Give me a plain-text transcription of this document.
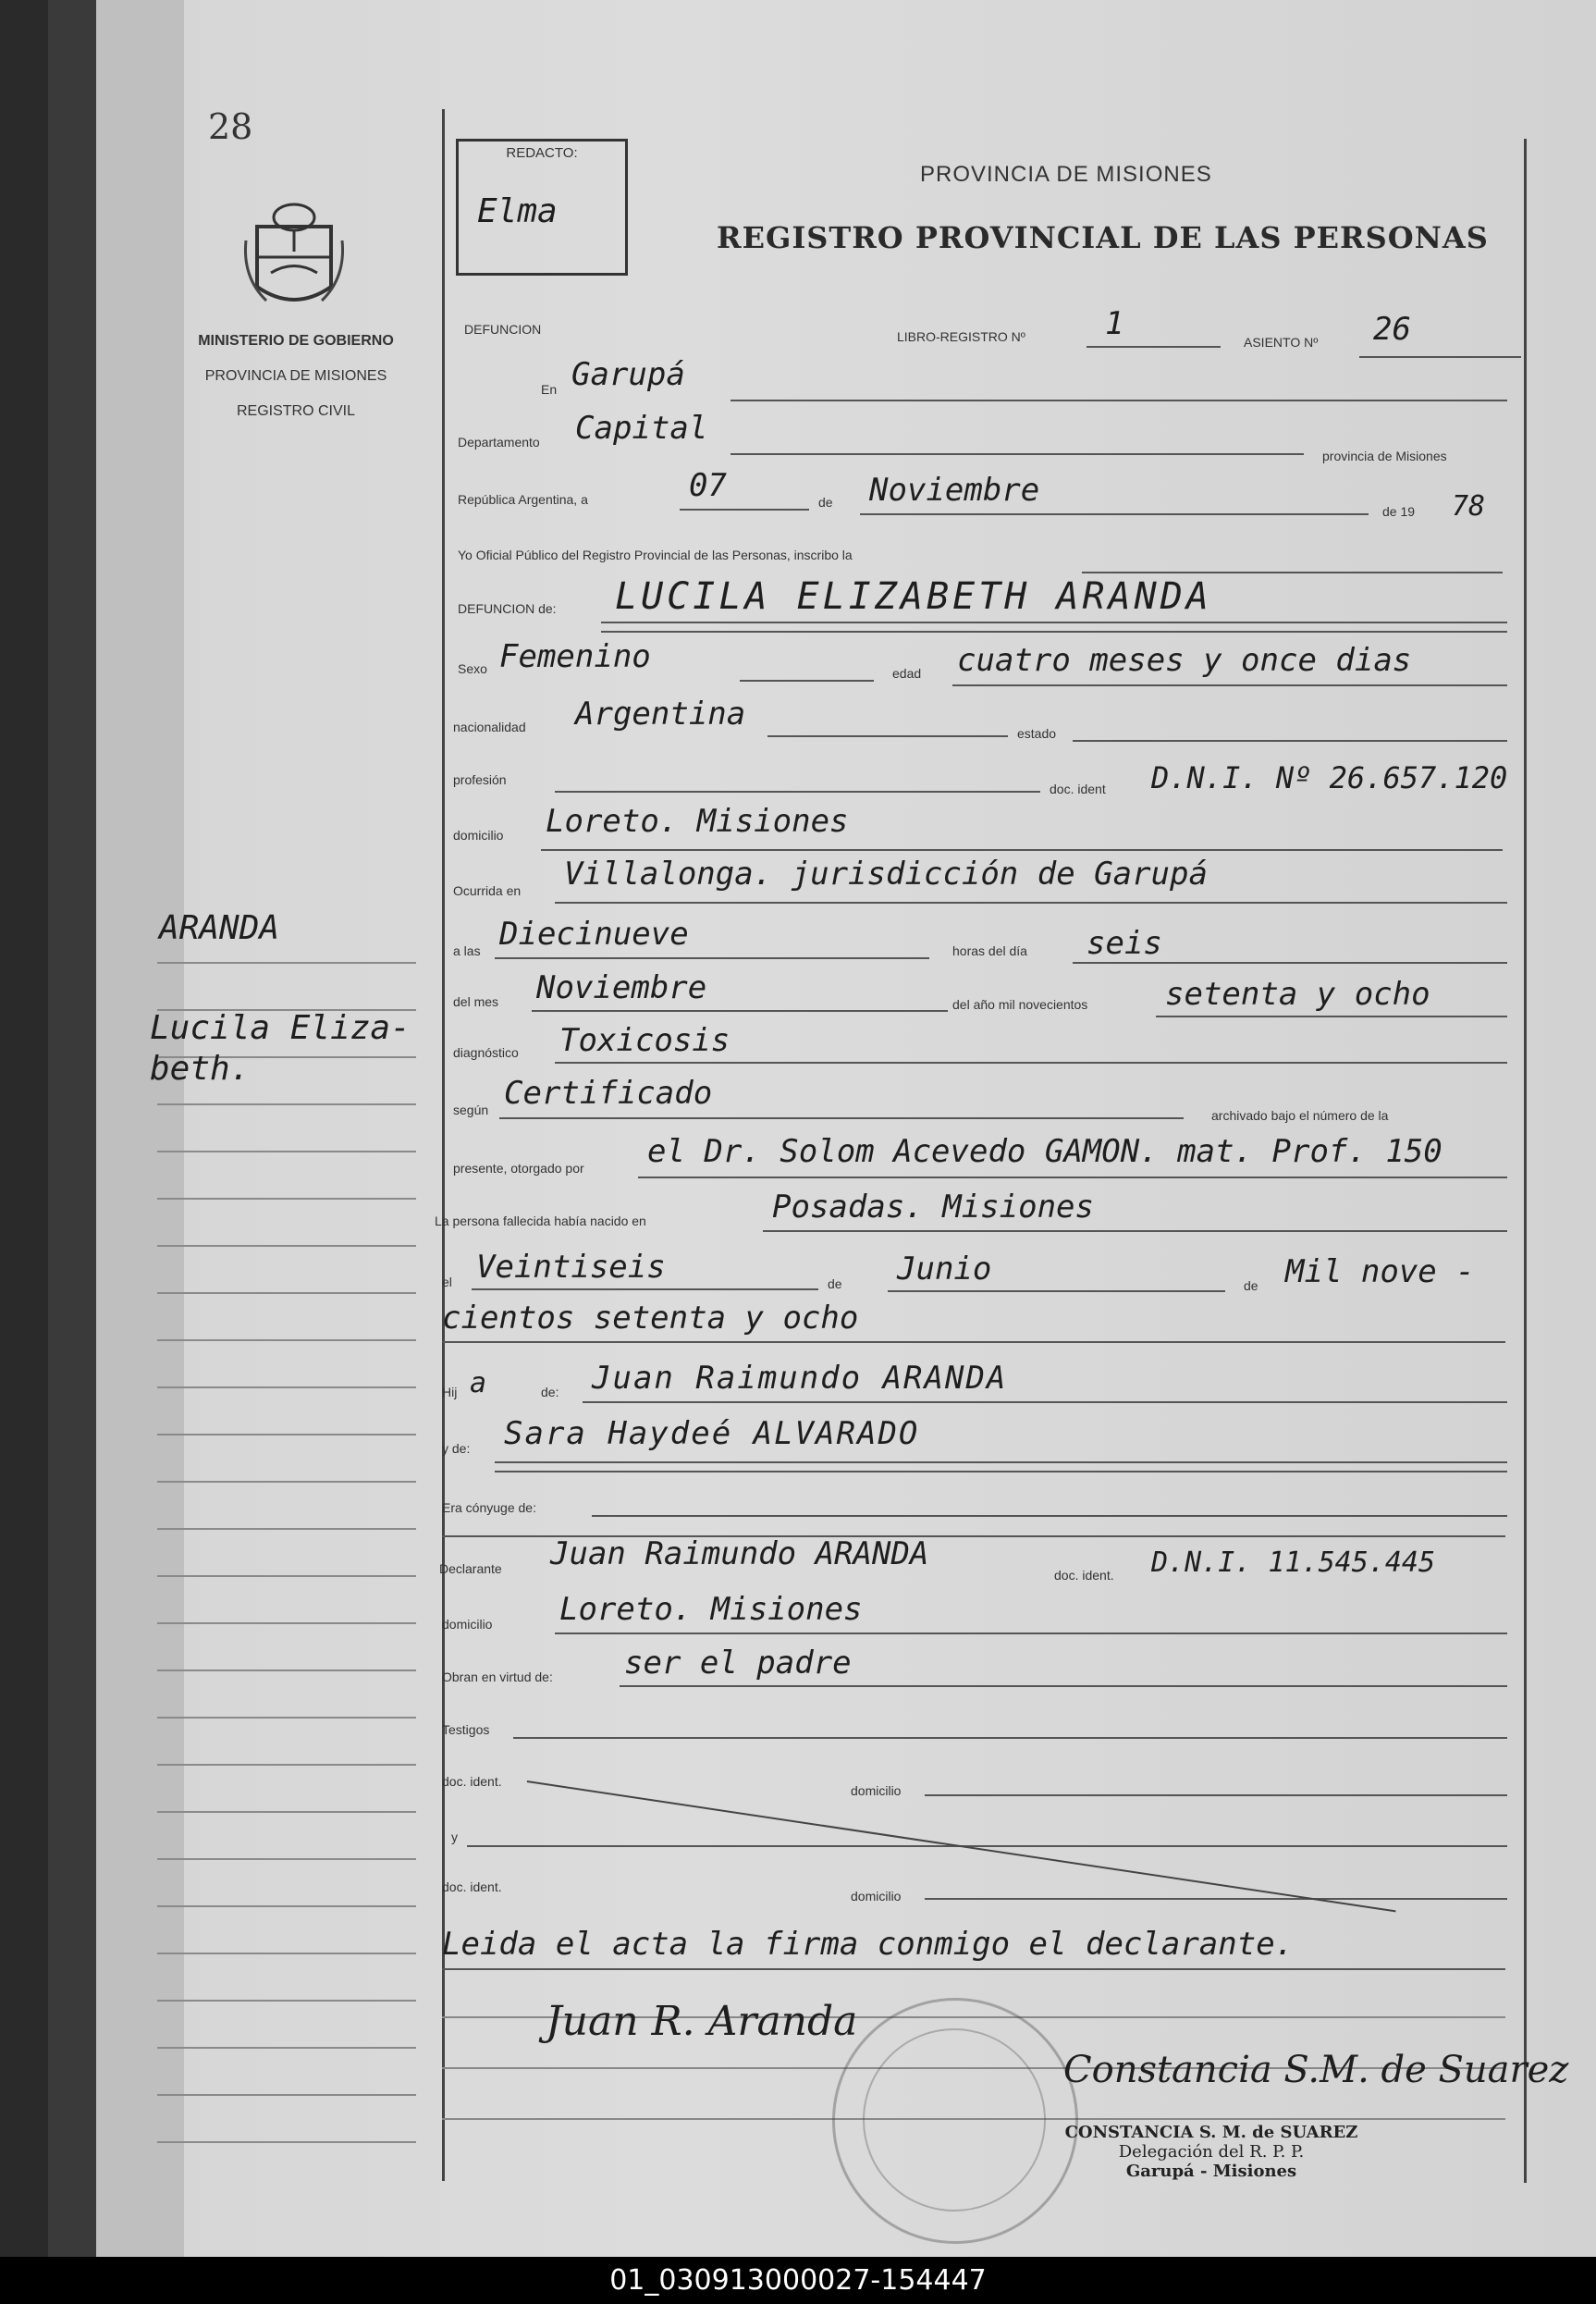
28
MINISTERIO DE GOBIERNO
PROVINCIA DE MISIONES
REGISTRO CIVIL
ARANDA
Lucila Eliza-
beth.
REDACTO:
Elma
PROVINCIA DE MISIONES
REGISTRO PROVINCIAL DE LAS PERSONAS
DEFUNCION	LIBRO-REGISTRO Nº	1	ASIENTO Nº 26
En Garupá
Departamento Capital
provincia de Misiones
República Argentina, a	07	de Noviembre
de 19 78
Yo Oficial Público del Registro Provincial de las Personas, inscribo la
DEFUNCION de: LUCILA ELIZABETH ARANDA
Sexo Femenino	edad cuatro meses y once dias
nacionalidad Argentina
estado
profesión
doc. ident D.N.I. Nº 26.657.120
domicilio Loreto. Misiones
Ocurrida en Villalonga. jurisdicción de Garupá
a las Diecinueve	horas del día seis
del mes Noviembre	del año mil novecientos setenta y ocho
diagnóstico Toxicosis
según Certificado
archivado bajo el número de la
presente, otorgado por el Dr. Solom Acevedo GAMON. mat. Prof. 150
La persona fallecida había nacido en	Posadas. Misiones
el Veintiseis	de Junio	de Mil nove -
cientos setenta y ocho
Hij a	de: Juan Raimundo ARANDA
y de: Sara Haydeé ALVARADO
Era cónyuge de:
Declarante Juan Raimundo ARANDA
doc. ident. D.N.I. 11.545.445
domicilio Loreto. Misiones
Obran en virtud de: ser el padre
Testigos
doc. ident.
domicilio
y
doc. ident.
domicilio
Leida el acta la firma conmigo el declarante.
Juan R. Aranda
Constancia S.M. de Suarez
CONSTANCIA S. M. de SUAREZ
Delegación del R. P. P.
Garupá - Misiones
01_030913000027-154447
